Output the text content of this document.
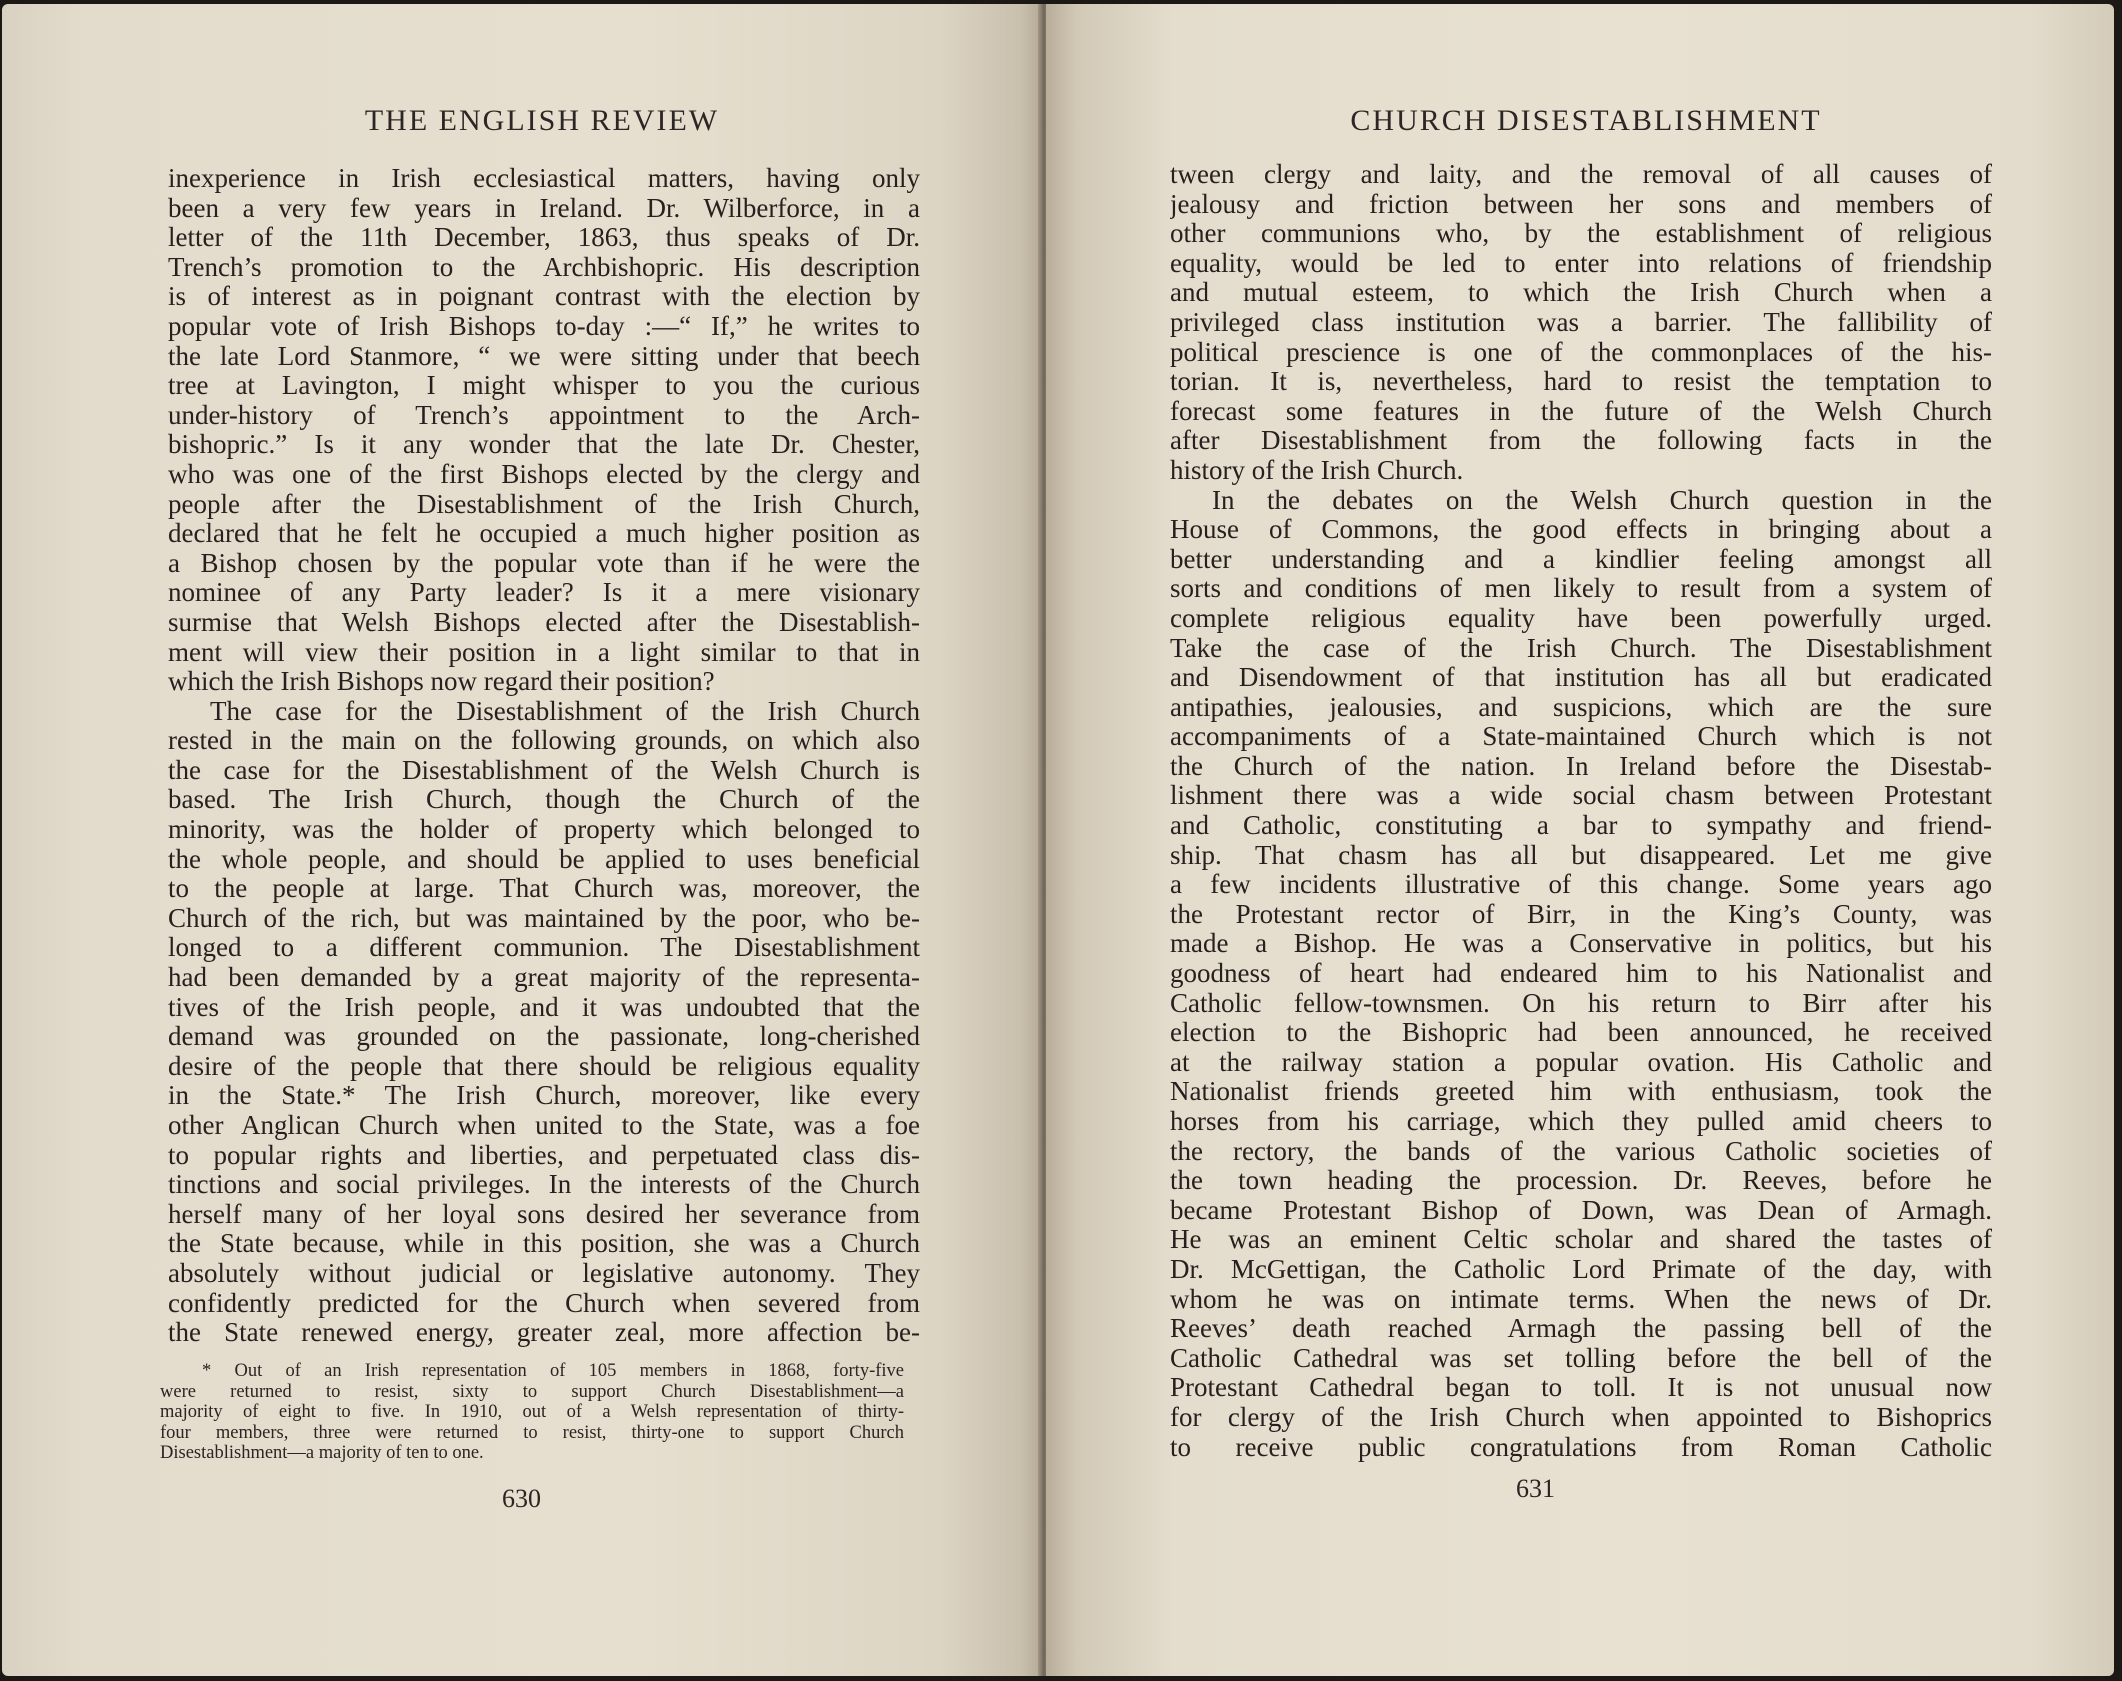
THE ENGLISH REVIEW
inexperience in Irish ecclesiastical matters, having only
been a very few years in Ireland. Dr. Wilberforce, in a
letter of the 11th December, 1863, thus speaks of Dr.
Trench’s promotion to the Archbishopric. His description
is of interest as in poignant contrast with the election by
popular vote of Irish Bishops to-day :—“ If,” he writes to
the late Lord Stanmore, “ we were sitting under that beech
tree at Lavington, I might whisper to you the curious
under-history of Trench’s appointment to the Arch-
bishopric.” Is it any wonder that the late Dr. Chester,
who was one of the first Bishops elected by the clergy and
people after the Disestablishment of the Irish Church,
declared that he felt he occupied a much higher position as
a Bishop chosen by the popular vote than if he were the
nominee of any Party leader? Is it a mere visionary
surmise that Welsh Bishops elected after the Disestablish-
ment will view their position in a light similar to that in
which the Irish Bishops now regard their position?
The case for the Disestablishment of the Irish Church
rested in the main on the following grounds, on which also
the case for the Disestablishment of the Welsh Church is
based. The Irish Church, though the Church of the
minority, was the holder of property which belonged to
the whole people, and should be applied to uses beneficial
to the people at large. That Church was, moreover, the
Church of the rich, but was maintained by the poor, who be-
longed to a different communion. The Disestablishment
had been demanded by a great majority of the representa-
tives of the Irish people, and it was undoubted that the
demand was grounded on the passionate, long-cherished
desire of the people that there should be religious equality
in the State.* The Irish Church, moreover, like every
other Anglican Church when united to the State, was a foe
to popular rights and liberties, and perpetuated class dis-
tinctions and social privileges. In the interests of the Church
herself many of her loyal sons desired her severance from
the State because, while in this position, she was a Church
absolutely without judicial or legislative autonomy. They
confidently predicted for the Church when severed from
the State renewed energy, greater zeal, more affection be-
* Out of an Irish representation of 105 members in 1868, forty-five
were returned to resist, sixty to support Church Disestablishment—a
majority of eight to five. In 1910, out of a Welsh representation of thirty-
four members, three were returned to resist, thirty-one to support Church
Disestablishment—a majority of ten to one.
630
CHURCH DISESTABLISHMENT
tween clergy and laity, and the removal of all causes of
jealousy and friction between her sons and members of
other communions who, by the establishment of religious
equality, would be led to enter into relations of friendship
and mutual esteem, to which the Irish Church when a
privileged class institution was a barrier. The fallibility of
political prescience is one of the commonplaces of the his-
torian. It is, nevertheless, hard to resist the temptation to
forecast some features in the future of the Welsh Church
after Disestablishment from the following facts in the
history of the Irish Church.
In the debates on the Welsh Church question in the
House of Commons, the good effects in bringing about a
better understanding and a kindlier feeling amongst all
sorts and conditions of men likely to result from a system of
complete religious equality have been powerfully urged.
Take the case of the Irish Church. The Disestablishment
and Disendowment of that institution has all but eradicated
antipathies, jealousies, and suspicions, which are the sure
accompaniments of a State-maintained Church which is not
the Church of the nation. In Ireland before the Disestab-
lishment there was a wide social chasm between Protestant
and Catholic, constituting a bar to sympathy and friend-
ship. That chasm has all but disappeared. Let me give
a few incidents illustrative of this change. Some years ago
the Protestant rector of Birr, in the King’s County, was
made a Bishop. He was a Conservative in politics, but his
goodness of heart had endeared him to his Nationalist and
Catholic fellow-townsmen. On his return to Birr after his
election to the Bishopric had been announced, he received
at the railway station a popular ovation. His Catholic and
Nationalist friends greeted him with enthusiasm, took the
horses from his carriage, which they pulled amid cheers to
the rectory, the bands of the various Catholic societies of
the town heading the procession. Dr. Reeves, before he
became Protestant Bishop of Down, was Dean of Armagh.
He was an eminent Celtic scholar and shared the tastes of
Dr. McGettigan, the Catholic Lord Primate of the day, with
whom he was on intimate terms. When the news of Dr.
Reeves’ death reached Armagh the passing bell of the
Catholic Cathedral was set tolling before the bell of the
Protestant Cathedral began to toll. It is not unusual now
for clergy of the Irish Church when appointed to Bishoprics
to receive public congratulations from Roman Catholic
631
